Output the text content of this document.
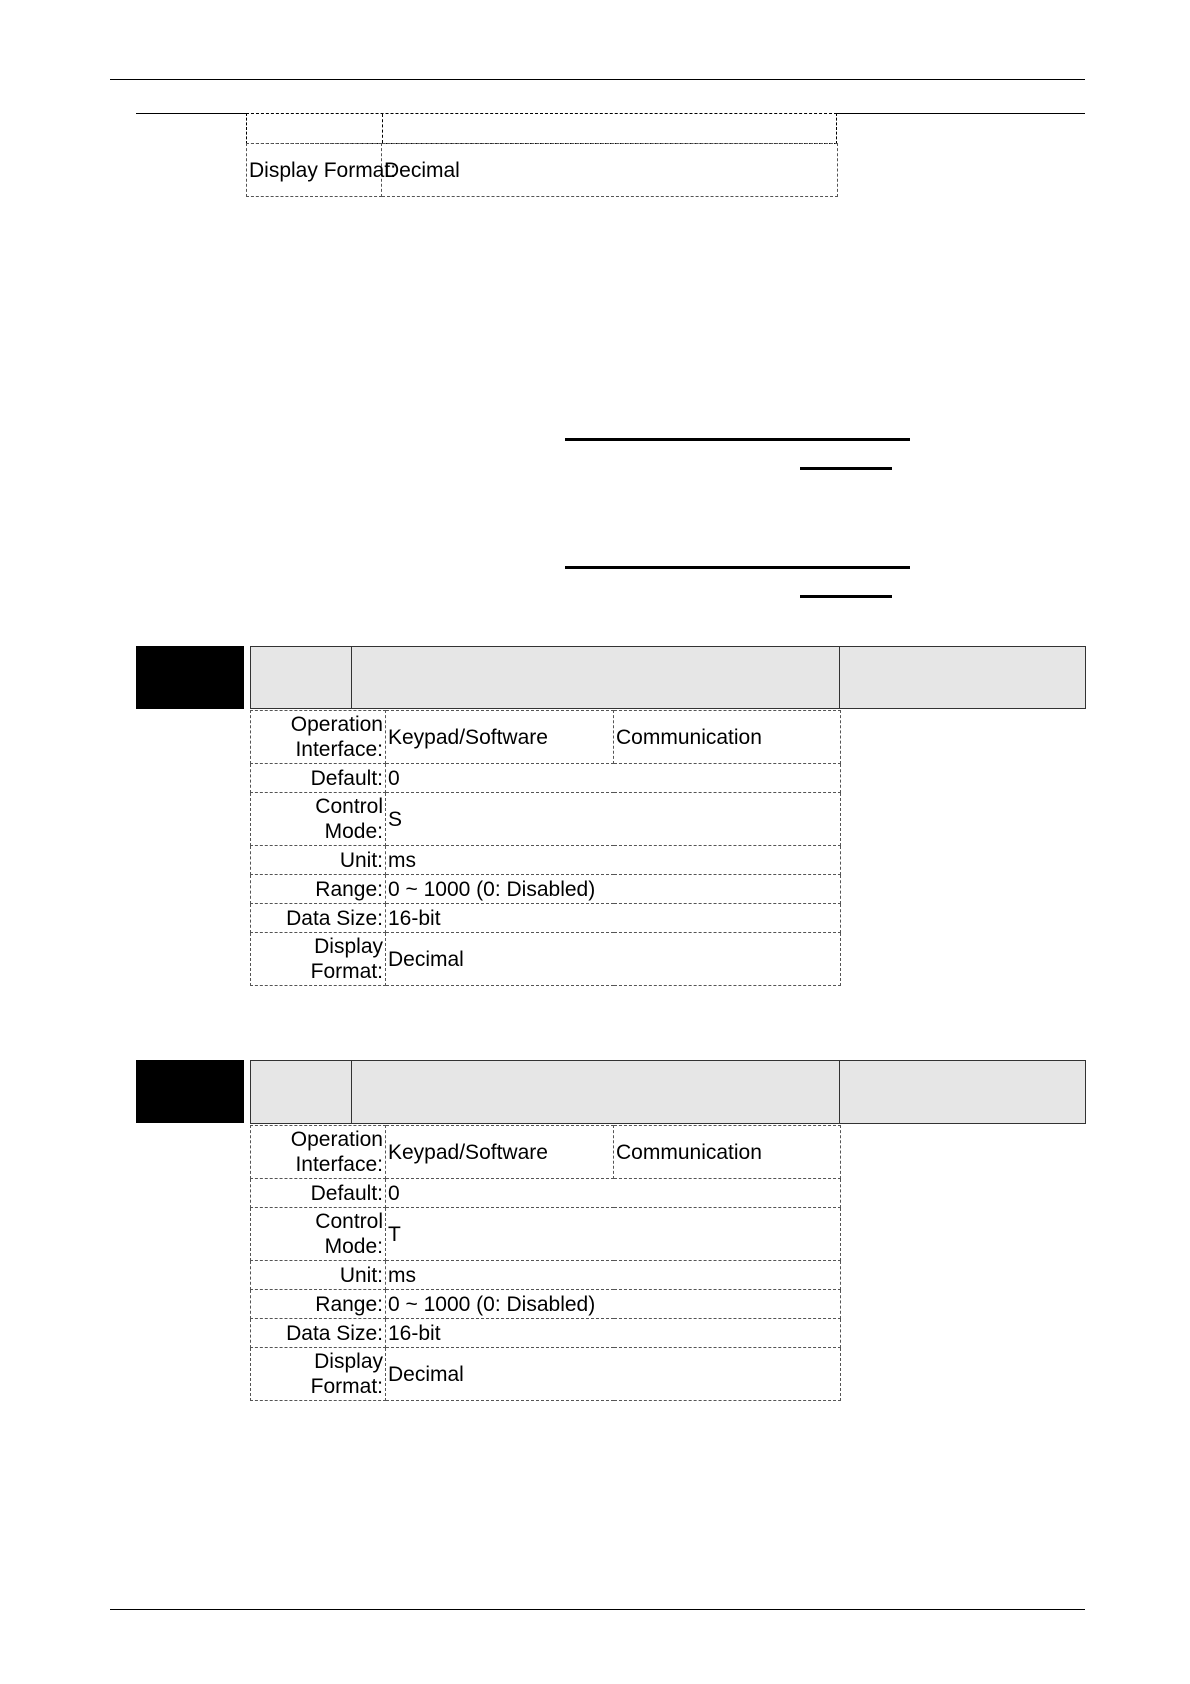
Display Format:	Decimal
Operation Interface:	Keypad/Software	Communication
Default:	0	
Control Mode:	S	
Unit:	ms	
Range:	0 ~ 1000 (0: Disabled)	
Data Size:	16-bit	
Display Format:	Decimal	
Operation Interface:	Keypad/Software	Communication
Default:	0	
Control Mode:	T	
Unit:	ms	
Range:	0 ~ 1000 (0: Disabled)	
Data Size:	16-bit	
Display Format:	Decimal	
